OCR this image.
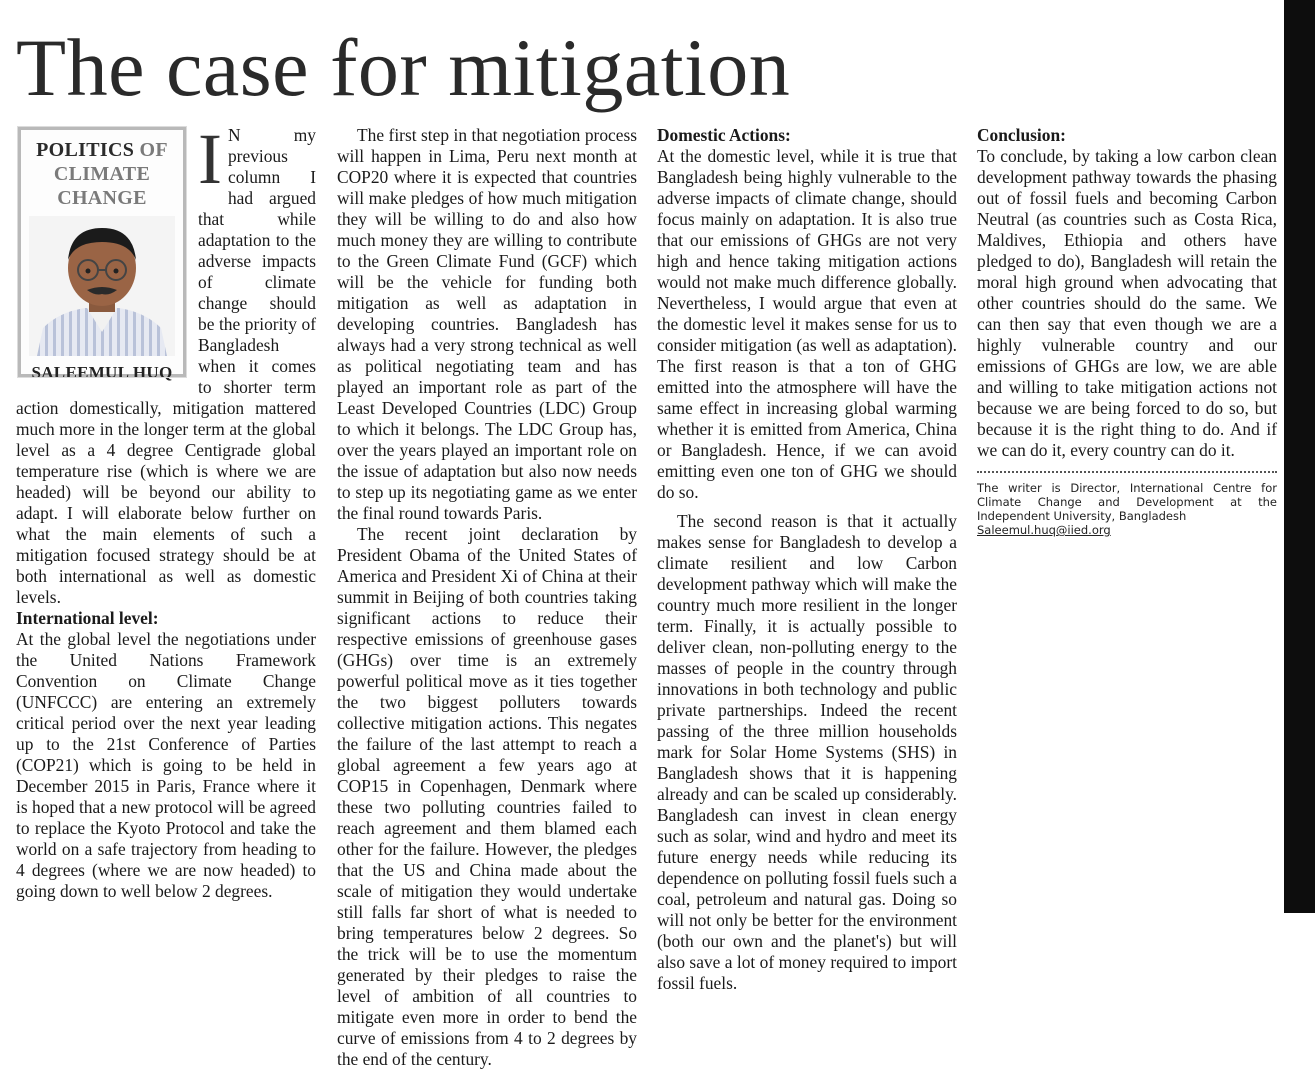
The case for mitigation
POLITICS OF
CLIMATE
CHANGE
SALEEMUL HUQ
I N my previous column I had argued that while adaptation to the adverse impacts of climate change should be the priority of Bangladesh when it comes to shorter term action domestically, mitigation mattered much more in the longer term at the global level as a 4 degree Centigrade global temperature rise (which is where we are headed) will be beyond our ability to adapt. I will elaborate below further on what the main elements of such a mitigation focused strategy should be at both international as well as domestic levels.

International level:

At the global level the negotiations under the United Nations Framework Convention on Climate Change (UNFCCC) are entering an extremely critical period over the next year leading up to the 21st Conference of Parties (COP21) which is going to be held in December 2015 in Paris, France where it is hoped that a new protocol will be agreed to replace the Kyoto Protocol and take the world on a safe trajectory from heading to 4 degrees (where we are now headed) to going down to well below 2 degrees.

The first step in that negotiation process will happen in Lima, Peru next month at COP20 where it is expected that countries will make pledges of how much mitigation they will be willing to do and also how much money they are willing to contribute to the Green Climate Fund (GCF) which will be the vehicle for funding both mitigation as well as adaptation in developing countries. Bangladesh has always had a very strong technical as well as political negotiating team and has played an important role as part of the Least Developed Countries (LDC) Group to which it belongs. The LDC Group has, over the years played an important role on the issue of adaptation but also now needs to step up its negotiating game as we enter the final round towards Paris.

The recent joint declaration by President Obama of the United States of America and President Xi of China at their summit in Beijing of both countries taking significant actions to reduce their respective emissions of greenhouse gases (GHGs) over time is an extremely powerful political move as it ties together the two biggest polluters towards collective mitigation actions. This negates the failure of the last attempt to reach a global agreement a few years ago at COP15 in Copenhagen, Denmark where these two polluting countries failed to reach agreement and them blamed each other for the failure. However, the pledges that the US and China made about the scale of mitigation they would undertake still falls far short of what is needed to bring temperatures below 2 degrees. So the trick will be to use the momentum generated by their pledges to raise the level of ambition of all countries to mitigate even more in order to bend the curve of emissions from 4 to 2 degrees by the end of the century.

Domestic Actions:

At the domestic level, while it is true that Bangladesh being highly vulnerable to the adverse impacts of climate change, should focus mainly on adaptation. It is also true that our emissions of GHGs are not very high and hence taking mitigation actions would not make much difference globally. Nevertheless, I would argue that even at the domestic level it makes sense for us to consider mitigation (as well as adaptation). The first reason is that a ton of GHG emitted into the atmosphere will have the same effect in increasing global warming whether it is emitted from America, China or Bangladesh. Hence, if we can avoid emitting even one ton of GHG we should do so.

The second reason is that it actually makes sense for Bangladesh to develop a climate resilient and low Carbon development pathway which will make the country much more resilient in the longer term. Finally, it is actually possible to deliver clean, non-polluting energy to the masses of people in the country through innovations in both technology and public private partnerships. Indeed the recent passing of the three million households mark for Solar Home Systems (SHS) in Bangladesh shows that it is happening already and can be scaled up considerably. Bangladesh can invest in clean energy such as solar, wind and hydro and meet its future energy needs while reducing its dependence on polluting fossil fuels such a coal, petroleum and natural gas. Doing so will not only be better for the environment (both our own and the planet's) but will also save a lot of money required to import fossil fuels.

Conclusion:

To conclude, by taking a low carbon clean development pathway towards the phasing out of fossil fuels and becoming Carbon Neutral (as countries such as Costa Rica, Maldives, Ethiopia and others have pledged to do), Bangladesh will retain the moral high ground when advocating that other countries should do the same. We can then say that even though we are a highly vulnerable country and our emissions of GHGs are low, we are able and willing to take mitigation actions not because we are being forced to do so, but because it is the right thing to do. And if we can do it, every country can do it.

The writer is Director, International Centre for Climate Change and Development at the Independent University, Bangladesh

Saleemul.huq@iied.org
